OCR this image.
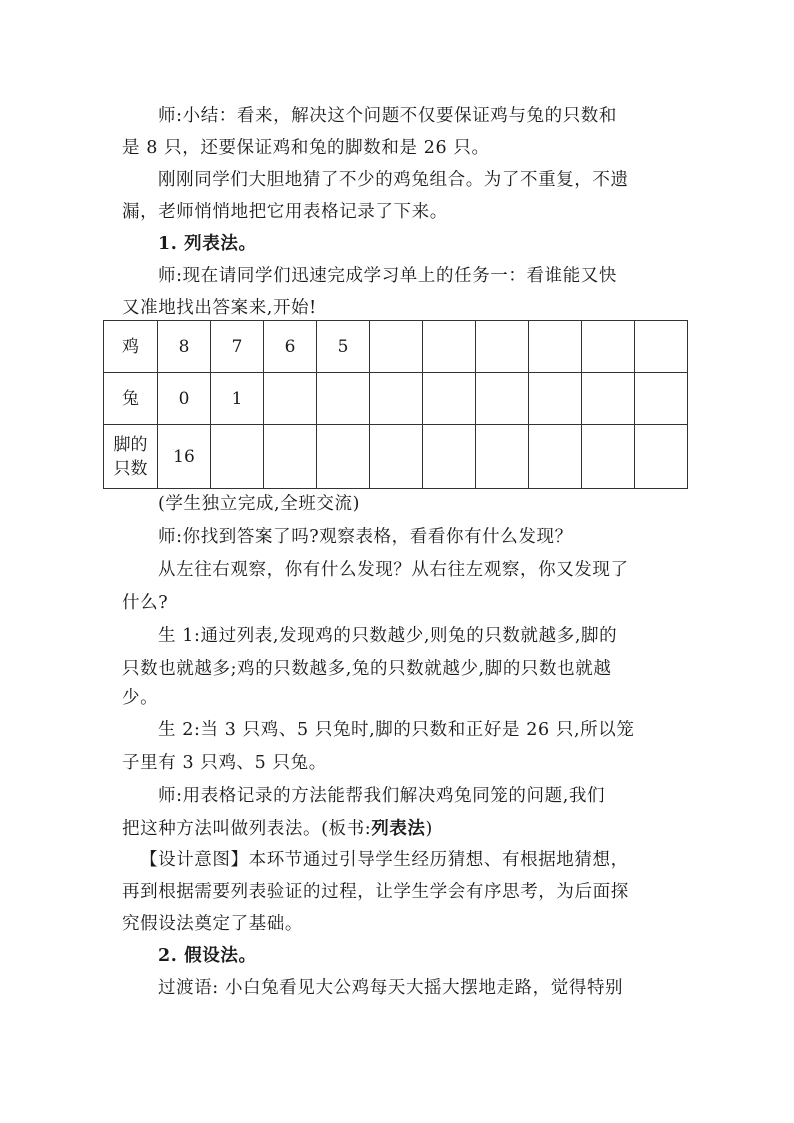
师:小结：看来，解决这个问题不仅要保证鸡与兔的只数和
是 8 只，还要保证鸡和兔的脚数和是 26 只。
刚刚同学们大胆地猜了不少的鸡兔组合。为了不重复，不遗
漏，老师悄悄地把它用表格记录了下来。
1. 列表法。
师:现在请同学们迅速完成学习单上的任务一：看谁能又快
又准地找出答案来,开始!
鸡	8	7	6	5						

兔	0	1								

脚的
只数	16									
(学生独立完成,全班交流)
师:你找到答案了吗?观察表格，看看你有什么发现？
从左往右观察，你有什么发现？从右往左观察，你又发现了
什么?
生 1:通过列表,发现鸡的只数越少,则兔的只数就越多,脚的
只数也就越多;鸡的只数越多,兔的只数就越少,脚的只数也就越
少。
生 2:当 3 只鸡、5 只兔时,脚的只数和正好是 26 只,所以笼
子里有 3 只鸡、5 只兔。
师:用表格记录的方法能帮我们解决鸡兔同笼的问题,我们
把这种方法叫做列表法。(板书:列表法)
【设计意图】本环节通过引导学生经历猜想、有根据地猜想，
再到根据需要列表验证的过程，让学生学会有序思考，为后面探
究假设法奠定了基础。
2. 假设法。
过渡语: 小白兔看见大公鸡每天大摇大摆地走路，觉得特别
